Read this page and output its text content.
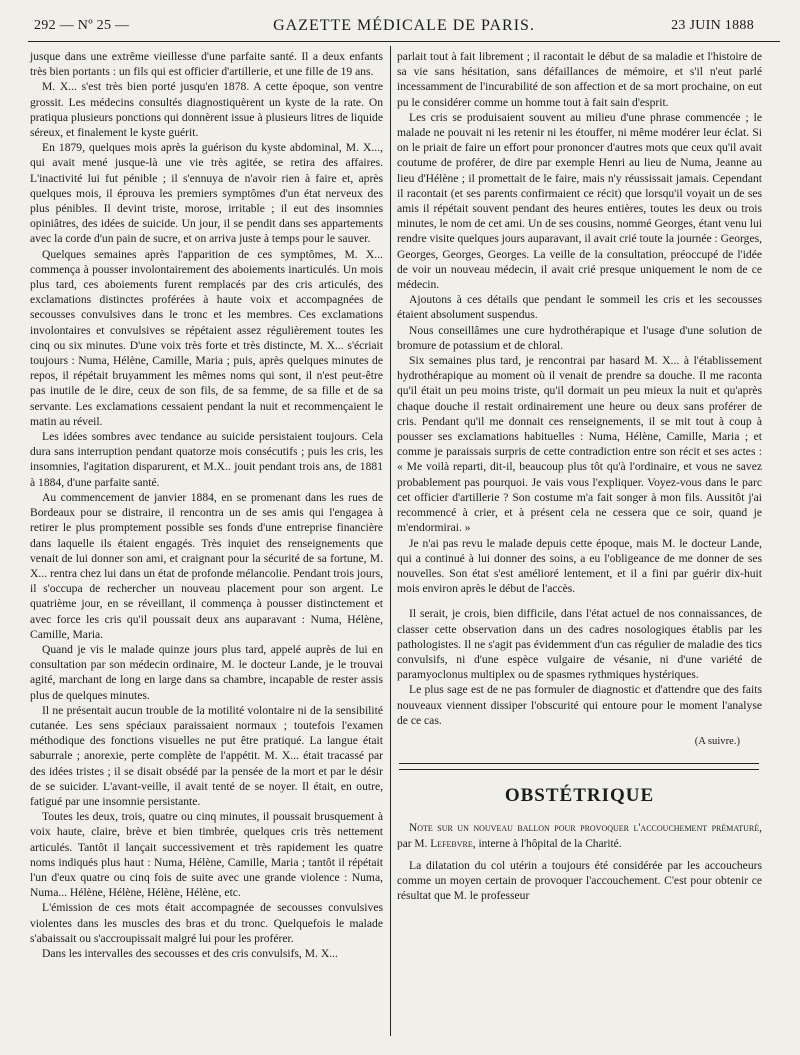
292 — Nº 25 —	GAZETTE MÉDICALE DE PARIS.	23 JUIN 1888

jusque dans une extrême vieillesse d'une parfaite santé. Il a deux enfants très bien portants : un fils qui est officier d'artillerie, et une fille de 19 ans.

M. X... s'est très bien porté jusqu'en 1878. A cette époque, son ventre grossit. Les médecins consultés diagnostiquèrent un kyste de la rate. On pratiqua plusieurs ponctions qui donnèrent issue à plusieurs litres de liquide séreux, et finalement le kyste guérit.

En 1879, quelques mois après la guérison du kyste abdominal, M. X..., qui avait mené jusque-là une vie très agitée, se retira des affaires. L'inactivité lui fut pénible ; il s'ennuya de n'avoir rien à faire et, après quelques mois, il éprouva les premiers symptômes d'un état nerveux des plus pénibles. Il devint triste, morose, irritable ; il eut des insomnies opiniâtres, des idées de suicide. Un jour, il se pendit dans ses appartements avec la corde d'un pain de sucre, et on arriva juste à temps pour le sauver.

Quelques semaines après l'apparition de ces symptômes, M. X... commença à pousser involontairement des aboiements inarticulés. Un mois plus tard, ces aboiements furent remplacés par des cris articulés, des exclamations distinctes proférées à haute voix et accompagnées de secousses convulsives dans le tronc et les membres. Ces exclamations involontaires et convulsives se répétaient assez régulièrement toutes les cinq ou six minutes. D'une voix très forte et très distincte, M. X... s'écriait toujours : Numa, Hélène, Camille, Maria ; puis, après quelques minutes de repos, il répétait bruyamment les mêmes noms qui sont, il n'est peut-être pas inutile de le dire, ceux de son fils, de sa femme, de sa fille et de sa servante. Les exclamations cessaient pendant la nuit et recommençaient le matin au réveil.

Les idées sombres avec tendance au suicide persistaient toujours. Cela dura sans interruption pendant quatorze mois consécutifs ; puis les cris, les insomnies, l'agitation disparurent, et M.X.. jouit pendant trois ans, de 1881 à 1884, d'une parfaite santé.

Au commencement de janvier 1884, en se promenant dans les rues de Bordeaux pour se distraire, il rencontra un de ses amis qui l'engagea à retirer le plus promptement possible ses fonds d'une entreprise financière dans laquelle ils étaient engagés. Très inquiet des renseignements que venait de lui donner son ami, et craignant pour la sécurité de sa fortune, M. X... rentra chez lui dans un état de profonde mélancolie. Pendant trois jours, il s'occupa de rechercher un nouveau placement pour son argent. Le quatrième jour, en se réveillant, il commença à pousser distinctement et avec force les cris qu'il poussait deux ans auparavant : Numa, Hélène, Camille, Maria.

Quand je vis le malade quinze jours plus tard, appelé auprès de lui en consultation par son médecin ordinaire, M. le docteur Lande, je le trouvai agité, marchant de long en large dans sa chambre, incapable de rester assis plus de quelques minutes.

Il ne présentait aucun trouble de la motilité volontaire ni de la sensibilité cutanée. Les sens spéciaux paraissaient normaux ; toutefois l'examen méthodique des fonctions visuelles ne put être pratiqué. La langue était saburrale ; anorexie, perte complète de l'appétit. M. X... était tracassé par des idées tristes ; il se disait obsédé par la pensée de la mort et par le désir de se suicider. L'avant-veille, il avait tenté de se noyer. Il était, en outre, fatigué par une insomnie persistante.

Toutes les deux, trois, quatre ou cinq minutes, il poussait brusquement à voix haute, claire, brève et bien timbrée, quelques cris très nettement articulés. Tantôt il lançait successivement et très rapidement les quatre noms indiqués plus haut : Numa, Hélène, Camille, Maria ; tantôt il répétait l'un d'eux quatre ou cinq fois de suite avec une grande violence : Numa, Numa... Hélène, Hélène, Hélène, Hélène, etc.

L'émission de ces mots était accompagnée de secousses convulsives violentes dans les muscles des bras et du tronc. Quelquefois le malade s'abaissait ou s'accroupissait malgré lui pour les proférer.

Dans les intervalles des secousses et des cris convulsifs, M. X...

parlait tout à fait librement ; il racontait le début de sa maladie et l'histoire de sa vie sans hésitation, sans défaillances de mémoire, et s'il n'eut parlé incessamment de l'incurabilité de son affection et de sa mort prochaine, on eut pu le considérer comme un homme tout à fait sain d'esprit.

Les cris se produisaient souvent au milieu d'une phrase commencée ; le malade ne pouvait ni les retenir ni les étouffer, ni même modérer leur éclat. Si on le priait de faire un effort pour prononcer d'autres mots que ceux qu'il avait coutume de proférer, de dire par exemple Henri au lieu de Numa, Jeanne au lieu d'Hélène ; il promettait de le faire, mais n'y réussissait jamais. Cependant il racontait (et ses parents confirmaient ce récit) que lorsqu'il voyait un de ses amis il répétait souvent pendant des heures entières, toutes les deux ou trois minutes, le nom de cet ami. Un de ses cousins, nommé Georges, étant venu lui rendre visite quelques jours auparavant, il avait crié toute la journée : Georges, Georges, Georges, Georges. La veille de la consultation, préoccupé de l'idée de voir un nouveau médecin, il avait crié presque uniquement le nom de ce médecin.

Ajoutons à ces détails que pendant le sommeil les cris et les secousses étaient absolument suspendus.

Nous conseillâmes une cure hydrothérapique et l'usage d'une solution de bromure de potassium et de chloral.

Six semaines plus tard, je rencontrai par hasard M. X... à l'établissement hydrothérapique au moment où il venait de prendre sa douche. Il me raconta qu'il était un peu moins triste, qu'il dormait un peu mieux la nuit et qu'après chaque douche il restait ordinairement une heure ou deux sans proférer de cris. Pendant qu'il me donnait ces renseignements, il se mit tout à coup à pousser ses exclamations habituelles : Numa, Hélène, Camille, Maria ; et comme je paraissais surpris de cette contradiction entre son récit et ses actes : « Me voilà reparti, dit-il, beaucoup plus tôt qu'à l'ordinaire, et vous ne savez probablement pas pourquoi. Je vais vous l'expliquer. Voyez-vous dans le parc cet officier d'artillerie ? Son costume m'a fait songer à mon fils. Aussitôt j'ai recommencé à crier, et à présent cela ne cessera que ce soir, quand je m'endormirai. »

Je n'ai pas revu le malade depuis cette époque, mais M. le docteur Lande, qui a continué à lui donner des soins, a eu l'obligeance de me donner de ses nouvelles. Son état s'est amélioré lentement, et il a fini par guérir dix-huit mois environ après le début de l'accès.

Il serait, je crois, bien difficile, dans l'état actuel de nos connaissances, de classer cette observation dans un des cadres nosologiques établis par les pathologistes. Il ne s'agit pas évidemment d'un cas régulier de maladie des tics convulsifs, ni d'une espèce vulgaire de vésanie, ni d'une variété de paramyoclonus multiplex ou de spasmes rythmiques hystériques.

Le plus sage est de ne pas formuler de diagnostic et d'attendre que des faits nouveaux viennent dissiper l'obscurité qui entoure pour le moment l'analyse de ce cas.

(A suivre.)
OBSTÉTRIQUE

Note sur un nouveau ballon pour provoquer l'accouchement prématuré, par M. Lefebvre, interne à l'hôpital de la Charité.

La dilatation du col utérin a toujours été considérée par les accoucheurs comme un moyen certain de provoquer l'accouchement. C'est pour obtenir ce résultat que M. le professeur
